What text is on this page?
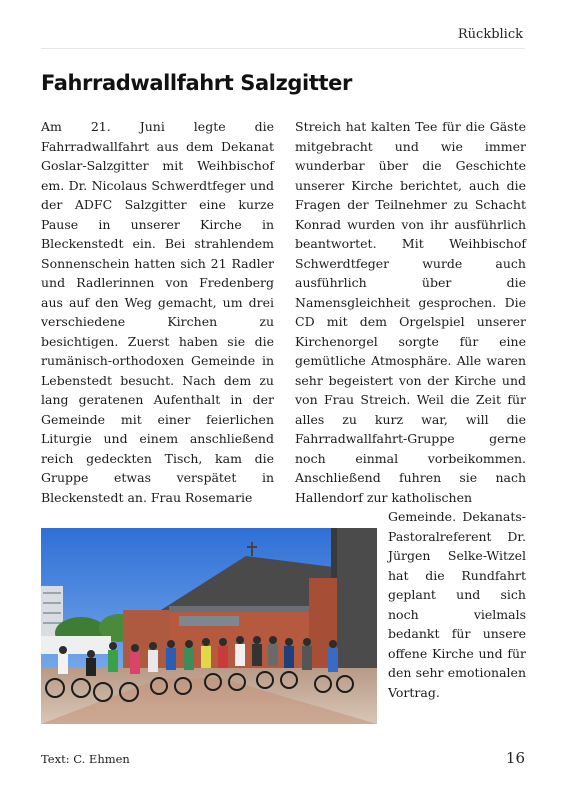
Rückblick
Fahrradwallfahrt Salzgitter

Am 21. Juni legte die Fahrradwallfahrt aus dem Dekanat Goslar-Salzgitter mit Weihbischof em. Dr. Nicolaus Schwerdtfeger und der ADFC Salzgitter eine kurze Pause in unserer Kirche in Bleckenstedt ein. Bei strahlendem Sonnenschein hatten sich 21 Radler und Radlerinnen von Fredenberg aus auf den Weg gemacht, um drei verschiedene Kirchen zu besichtigen. Zuerst haben sie die rumänisch-orthodoxen Gemeinde in Lebenstedt besucht. Nach dem zu lang geratenen Aufenthalt in der Gemeinde mit einer feierlichen Liturgie und einem anschließend reich gedeckten Tisch, kam die Gruppe etwas verspätet in Bleckenstedt an. Frau Rosemarie

Streich hat kalten Tee für die Gäste mitgebracht und wie immer wunderbar über die Geschichte unserer Kirche berichtet, auch die Fragen der Teilnehmer zu Schacht Konrad wurden von ihr ausführlich beantwortet. Mit Weihbischof Schwerdtfeger wurde auch ausführlich über die Namensgleichheit gesprochen. Die CD mit dem Orgelspiel unserer Kirchenorgel sorgte für eine gemütliche Atmosphäre. Alle waren sehr begeistert von der Kirche und von Frau Streich. Weil die Zeit für alles zu kurz war, will die Fahrradwallfahrt-Gruppe gerne noch einmal vorbeikommen. Anschließend fuhren sie nach Hallendorf zur katholischen

Gemeinde. Dekanats-Pastoralreferent Dr. Jürgen Selke-Witzel hat die Rundfahrt geplant und sich noch vielmals bedankt für unsere offene Kirche und für den sehr emotionalen Vortrag.

Text: C. Ehmen	16
